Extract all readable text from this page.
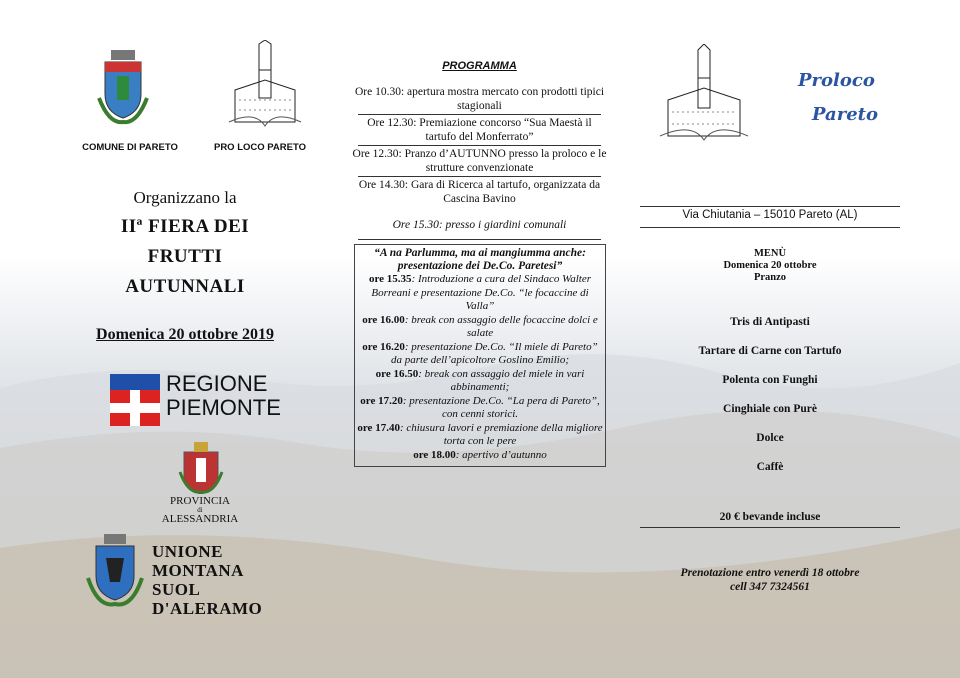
COMUNE DI PARETO	PRO LOCO PARETO
Organizzano la
IIª FIERA DEI
FRUTTI
AUTUNNALI
Domenica 20 ottobre 2019
REGIONE
PIEMONTE
PROVINCIA
di
ALESSANDRIA
UNIONE
MONTANA
SUOL D'ALERAMO
PROGRAMMA
Ore 10.30: apertura mostra mercato con prodotti tipici stagionali
Ore 12.30: Premiazione concorso “Sua Maestà il tartufo del Monferrato”
Ore 12.30: Pranzo d’AUTUNNO presso la proloco e le strutture convenzionate
Ore 14.30: Gara di Ricerca al tartufo, organizzata da Cascina Bavino
Ore 15.30: presso i giardini comunali
“A na Parlumma, ma ai mangiumma anche: presentazione dei De.Co. Paretesi”
ore 15.35: Introduzione a cura del Sindaco Walter Borreani e presentazione De.Co. “le focaccine di Valla”
ore 16.00: break con assaggio delle focaccine dolci e salate
ore 16.20: presentazione De.Co. “Il miele di Pareto” da parte dell’apicoltore Goslino Emilio;
ore 16.50: break con assaggio del miele in vari abbinamenti;
ore 17.20: presentazione De.Co. “La pera di Pareto”, con cenni storici.
ore 17.40: chiusura lavori e premiazione della migliore torta con le pere
ore 18.00: apertivo d’autunno
Proloco
Pareto
Via Chiutania – 15010 Pareto (AL)
MENÙ
Domenica 20 ottobre
Pranzo
Tris di Antipasti
Tartare di Carne con Tartufo
Polenta con Funghi
Cinghiale con Purè
Dolce
Caffè
20 € bevande incluse
Prenotazione entro venerdì 18 ottobre
cell 347 7324561
